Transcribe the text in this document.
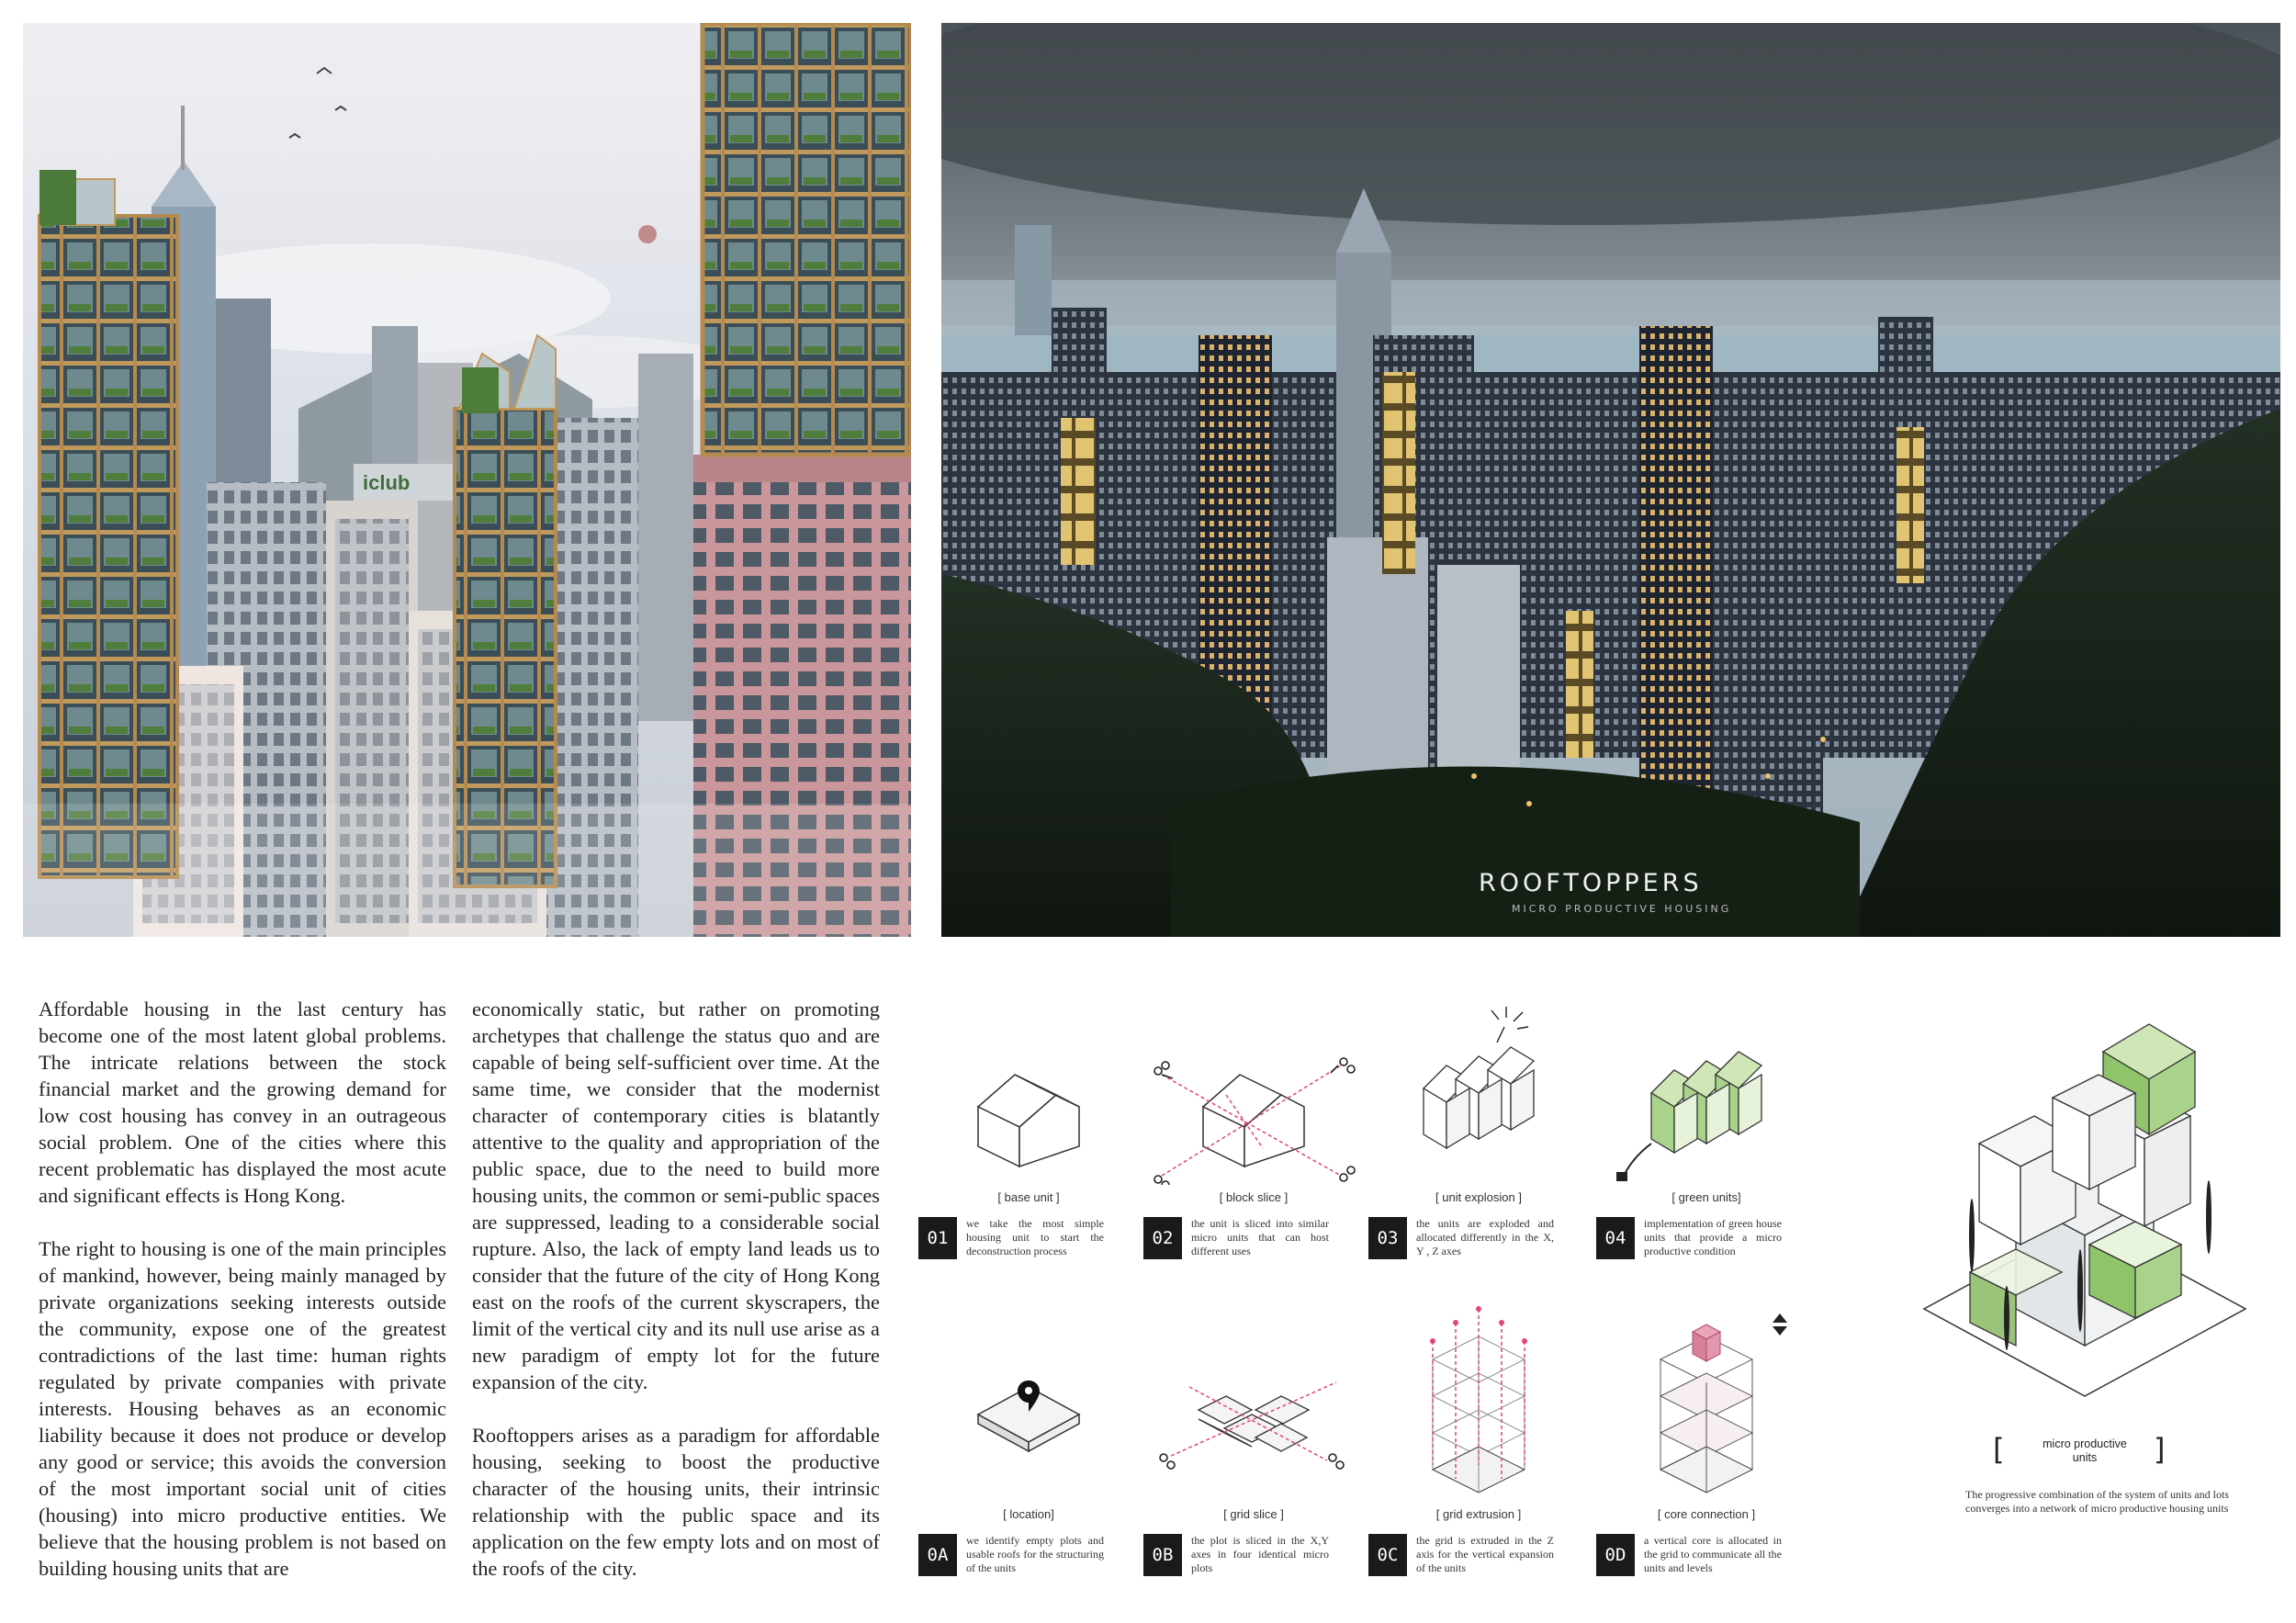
iclub
ROOFTOPPERS
MICRO PRODUCTIVE HOUSING

Affordable housing in the last century has become one of the most latent global problems. The intricate relations between the stock financial market and the growing demand for low cost housing has convey in an outrageous social problem. One of the cities where this recent problematic has displayed the most acute and significant effects is Hong Kong.

The right to housing is one of the main principles of mankind, however, being mainly managed by private organizations seeking interests outside the community, expose one of the greatest contradictions of the last time: human rights regulated by private companies with private interests. Housing behaves as an economic liability because it does not produce or develop any good or service; this avoids the conversion of the most important social unit of cities (housing) into micro productive entities. We believe that the housing problem is not based on building housing units that are

economically static, but rather on promoting archetypes that challenge the status quo and are capable of being self-sufficient over time. At the same time, we consider that the modernist character of contemporary cities is blatantly attentive to the quality and appropriation of the public space, due to the need to build more housing units, the common or semi-public spaces are suppressed, leading to a considerable social rupture. Also, the lack of empty land leads us to consider that the future of the city of Hong Kong east on the roofs of the current skyscrapers, the limit of the vertical city and its null use arise as a new paradigm of empty lot for the future expansion of the city.

Rooftoppers arises as a paradigm for affordable housing, seeking to boost the productive character of the housing units, their intrinsic relationship with the public space and its application on the few empty lots and on most of the roofs of the city.

[ base unit ]
01
we take the most simple housing unit to start the deconstruction process
[ block slice ]
02
the unit is sliced into similar micro units that can host different uses
[ unit explosion ]
03
the units are exploded and allocated differently in the X, Y , Z axes
[ green units]
04
implementation of green house units that provide a micro productive condition
[ location]
0A
we identify empty plots and usable roofs for the structuring of the units
[ grid slice ]
0B
the plot is sliced in the X,Y axes in four identical micro plots
[ grid extrusion ]
0C
the grid is extruded in the Z axis for the vertical expansion of the units
[ core connection ]
0D
a vertical core is allocated in the grid to communicate all the units and levels
[	]
micro productive
units
The progressive combination of the system of units and lots converges into a network of micro productive housing units
